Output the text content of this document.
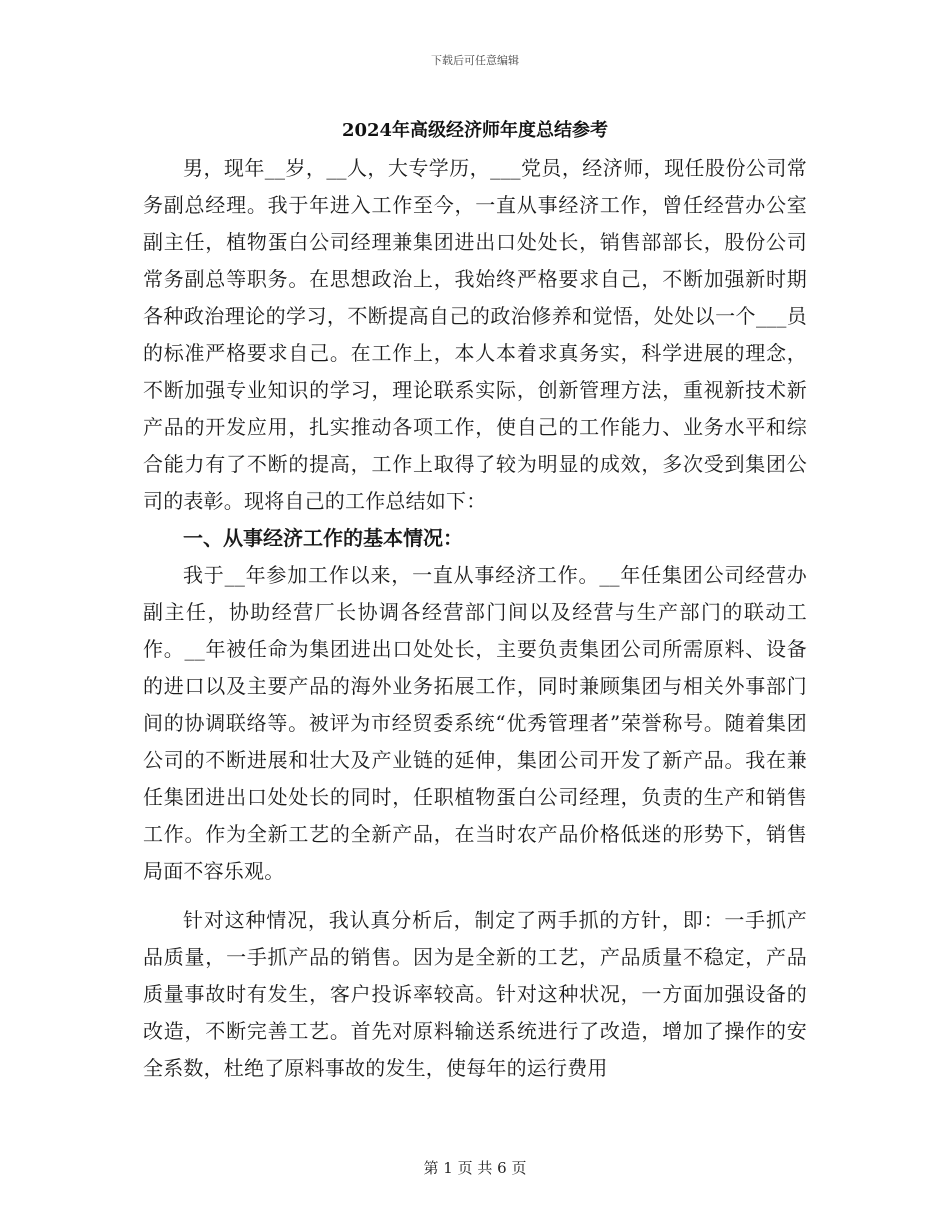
下载后可任意编辑
2024年高级经济师年度总结参考

男，现年__岁，__人，大专学历，___党员，经济师，现任股份公司常务副总经理。我于年进入工作至今，一直从事经济工作，曾任经营办公室副主任，植物蛋白公司经理兼集团进出口处处长，销售部部长，股份公司常务副总等职务。在思想政治上，我始终严格要求自己，不断加强新时期各种政治理论的学习，不断提高自己的政治修养和觉悟，处处以一个___员的标准严格要求自己。在工作上，本人本着求真务实，科学进展的理念，不断加强专业知识的学习，理论联系实际，创新管理方法，重视新技术新产品的开发应用，扎实推动各项工作，使自己的工作能力、业务水平和综合能力有了不断的提高，工作上取得了较为明显的成效，多次受到集团公司的表彰。现将自己的工作总结如下：

一、从事经济工作的基本情况：

我于__年参加工作以来，一直从事经济工作。__年任集团公司经营办副主任，协助经营厂长协调各经营部门间以及经营与生产部门的联动工作。__年被任命为集团进出口处处长，主要负责集团公司所需原料、设备的进口以及主要产品的海外业务拓展工作，同时兼顾集团与相关外事部门间的协调联络等。被评为市经贸委系统“优秀管理者”荣誉称号。随着集团公司的不断进展和壮大及产业链的延伸，集团公司开发了新产品。我在兼任集团进出口处处长的同时，任职植物蛋白公司经理，负责的生产和销售工作。作为全新工艺的全新产品，在当时农产品价格低迷的形势下，销售局面不容乐观。

针对这种情况，我认真分析后，制定了两手抓的方针，即：一手抓产品质量，一手抓产品的销售。因为是全新的工艺，产品质量不稳定，产品质量事故时有发生，客户投诉率较高。针对这种状况，一方面加强设备的改造，不断完善工艺。首先对原料输送系统进行了改造，增加了操作的安全系数，杜绝了原料事故的发生，使每年的运行费用

第 1 页 共 6 页
